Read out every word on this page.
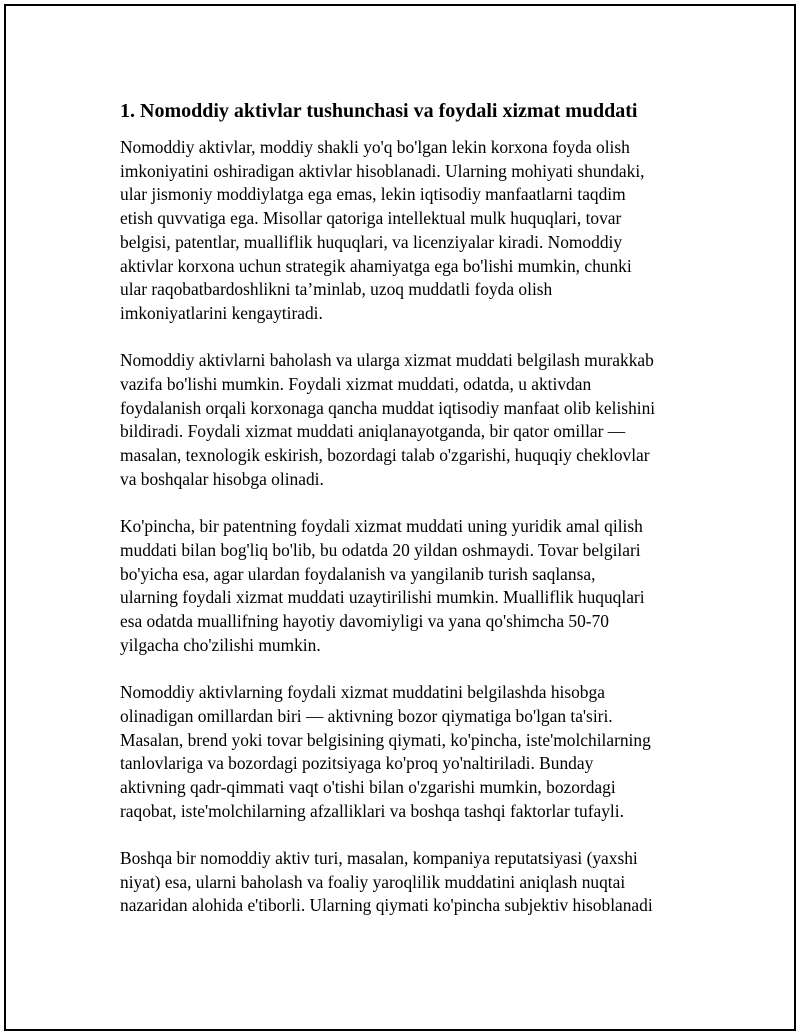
1. Nomoddiy aktivlar tushunchasi va foydali xizmat muddati

Nomoddiy aktivlar, moddiy shakli yo'q bo'lgan lekin korxona foyda olish
imkoniyatini oshiradigan aktivlar hisoblanadi. Ularning mohiyati shundaki,
ular jismoniy moddiylatga ega emas, lekin iqtisodiy manfaatlarni taqdim
etish quvvatiga ega. Misollar qatoriga intellektual mulk huquqlari, tovar
belgisi, patentlar, mualliflik huquqlari, va licenziyalar kiradi. Nomoddiy
aktivlar korxona uchun strategik ahamiyatga ega bo'lishi mumkin, chunki
ular raqobatbardoshlikni ta’minlab, uzoq muddatli foyda olish
imkoniyatlarini kengaytiradi.

Nomoddiy aktivlarni baholash va ularga xizmat muddati belgilash murakkab
vazifa bo'lishi mumkin. Foydali xizmat muddati, odatda, u aktivdan
foydalanish orqali korxonaga qancha muddat iqtisodiy manfaat olib kelishini
bildiradi. Foydali xizmat muddati aniqlanayotganda, bir qator omillar —
masalan, texnologik eskirish, bozordagi talab o'zgarishi, huquqiy cheklovlar
va boshqalar hisobga olinadi.

Ko'pincha, bir patentning foydali xizmat muddati uning yuridik amal qilish
muddati bilan bog'liq bo'lib, bu odatda 20 yildan oshmaydi. Tovar belgilari
bo'yicha esa, agar ulardan foydalanish va yangilanib turish saqlansa,
ularning foydali xizmat muddati uzaytirilishi mumkin. Mualliflik huquqlari
esa odatda muallifning hayotiy davomiyligi va yana qo'shimcha 50-70
yilgacha cho'zilishi mumkin.

Nomoddiy aktivlarning foydali xizmat muddatini belgilashda hisobga
olinadigan omillardan biri — aktivning bozor qiymatiga bo'lgan ta'siri.
Masalan, brend yoki tovar belgisining qiymati, ko'pincha, iste'molchilarning
tanlovlariga va bozordagi pozitsiyaga ko'proq yo'naltiriladi. Bunday
aktivning qadr-qimmati vaqt o'tishi bilan o'zgarishi mumkin, bozordagi
raqobat, iste'molchilarning afzalliklari va boshqa tashqi faktorlar tufayli.

Boshqa bir nomoddiy aktiv turi, masalan, kompaniya reputatsiyasi (yaxshi
niyat) esa, ularni baholash va foaliy yaroqlilik muddatini aniqlash nuqtai
nazaridan alohida e'tiborli. Ularning qiymati ko'pincha subjektiv hisoblanadi
